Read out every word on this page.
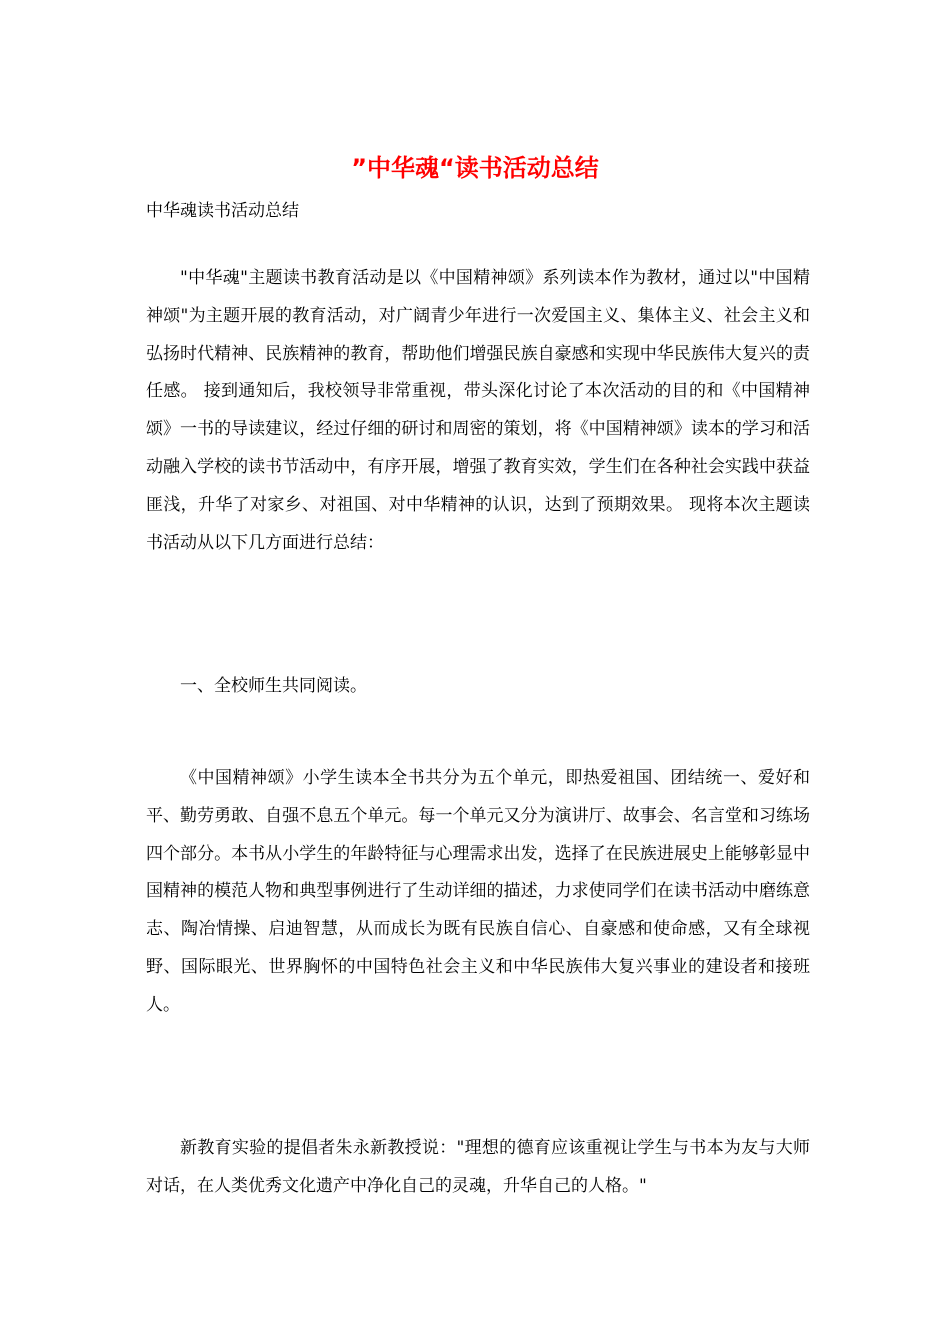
”中华魂“读书活动总结

中华魂读书活动总结

"中华魂"主题读书教育活动是以《中国精神颂》系列读本作为教材，通过以"中国精神颂"为主题开展的教育活动，对广阔青少年进行一次爱国主义、集体主义、社会主义和弘扬时代精神、民族精神的教育，帮助他们增强民族自豪感和实现中华民族伟大复兴的责任感。 接到通知后，我校领导非常重视，带头深化讨论了本次活动的目的和《中国精神颂》一书的导读建议，经过仔细的研讨和周密的策划，将《中国精神颂》读本的学习和活动融入学校的读书节活动中，有序开展，增强了教育实效，学生们在各种社会实践中获益匪浅，升华了对家乡、对祖国、对中华精神的认识，达到了预期效果。 现将本次主题读书活动从以下几方面进行总结：

一、全校师生共同阅读。

《中国精神颂》小学生读本全书共分为五个单元，即热爱祖国、团结统一、爱好和平、勤劳勇敢、自强不息五个单元。每一个单元又分为演讲厅、故事会、名言堂和习练场四个部分。本书从小学生的年龄特征与心理需求出发，选择了在民族进展史上能够彰显中国精神的模范人物和典型事例进行了生动详细的描述，力求使同学们在读书活动中磨练意志、陶冶情操、启迪智慧，从而成长为既有民族自信心、自豪感和使命感，又有全球视野、国际眼光、世界胸怀的中国特色社会主义和中华民族伟大复兴事业的建设者和接班人。

新教育实验的提倡者朱永新教授说："理想的德育应该重视让学生与书本为友与大师对话，在人类优秀文化遗产中净化自己的灵魂，升华自己的人格。"
